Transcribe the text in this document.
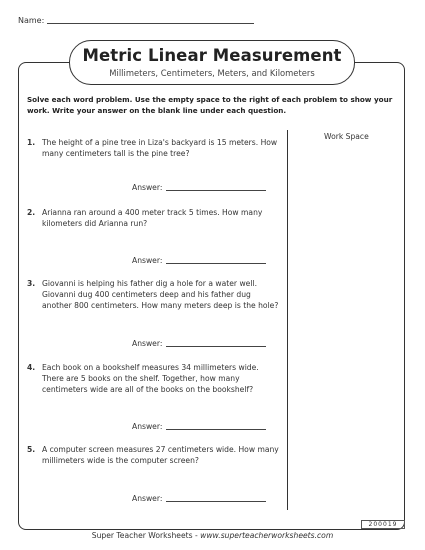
Name:
Metric Linear Measurement
Millimeters, Centimeters, Meters, and Kilometers
Solve each word problem. Use the empty space to the right of each problem to show your work. Write your answer on the blank line under each question.
Work Space
1. The height of a pine tree in Liza's backyard is 15 meters. How many centimeters tall is the pine tree?
Answer:
2. Arianna ran around a 400 meter track 5 times. How many kilometers did Arianna run?
Answer:
3. Giovanni is helping his father dig a hole for a water well. Giovanni dug 400 centimeters deep and his father dug another 800 centimeters. How many meters deep is the hole?
Answer:
4. Each book on a bookshelf measures 34 millimeters wide. There are 5 books on the shelf. Together, how many centimeters wide are all of the books on the bookshelf?
Answer:
5. A computer screen measures 27 centimeters wide. How many millimeters wide is the computer screen?
Answer:
200019
Super Teacher Worksheets - www.superteacherworksheets.com
